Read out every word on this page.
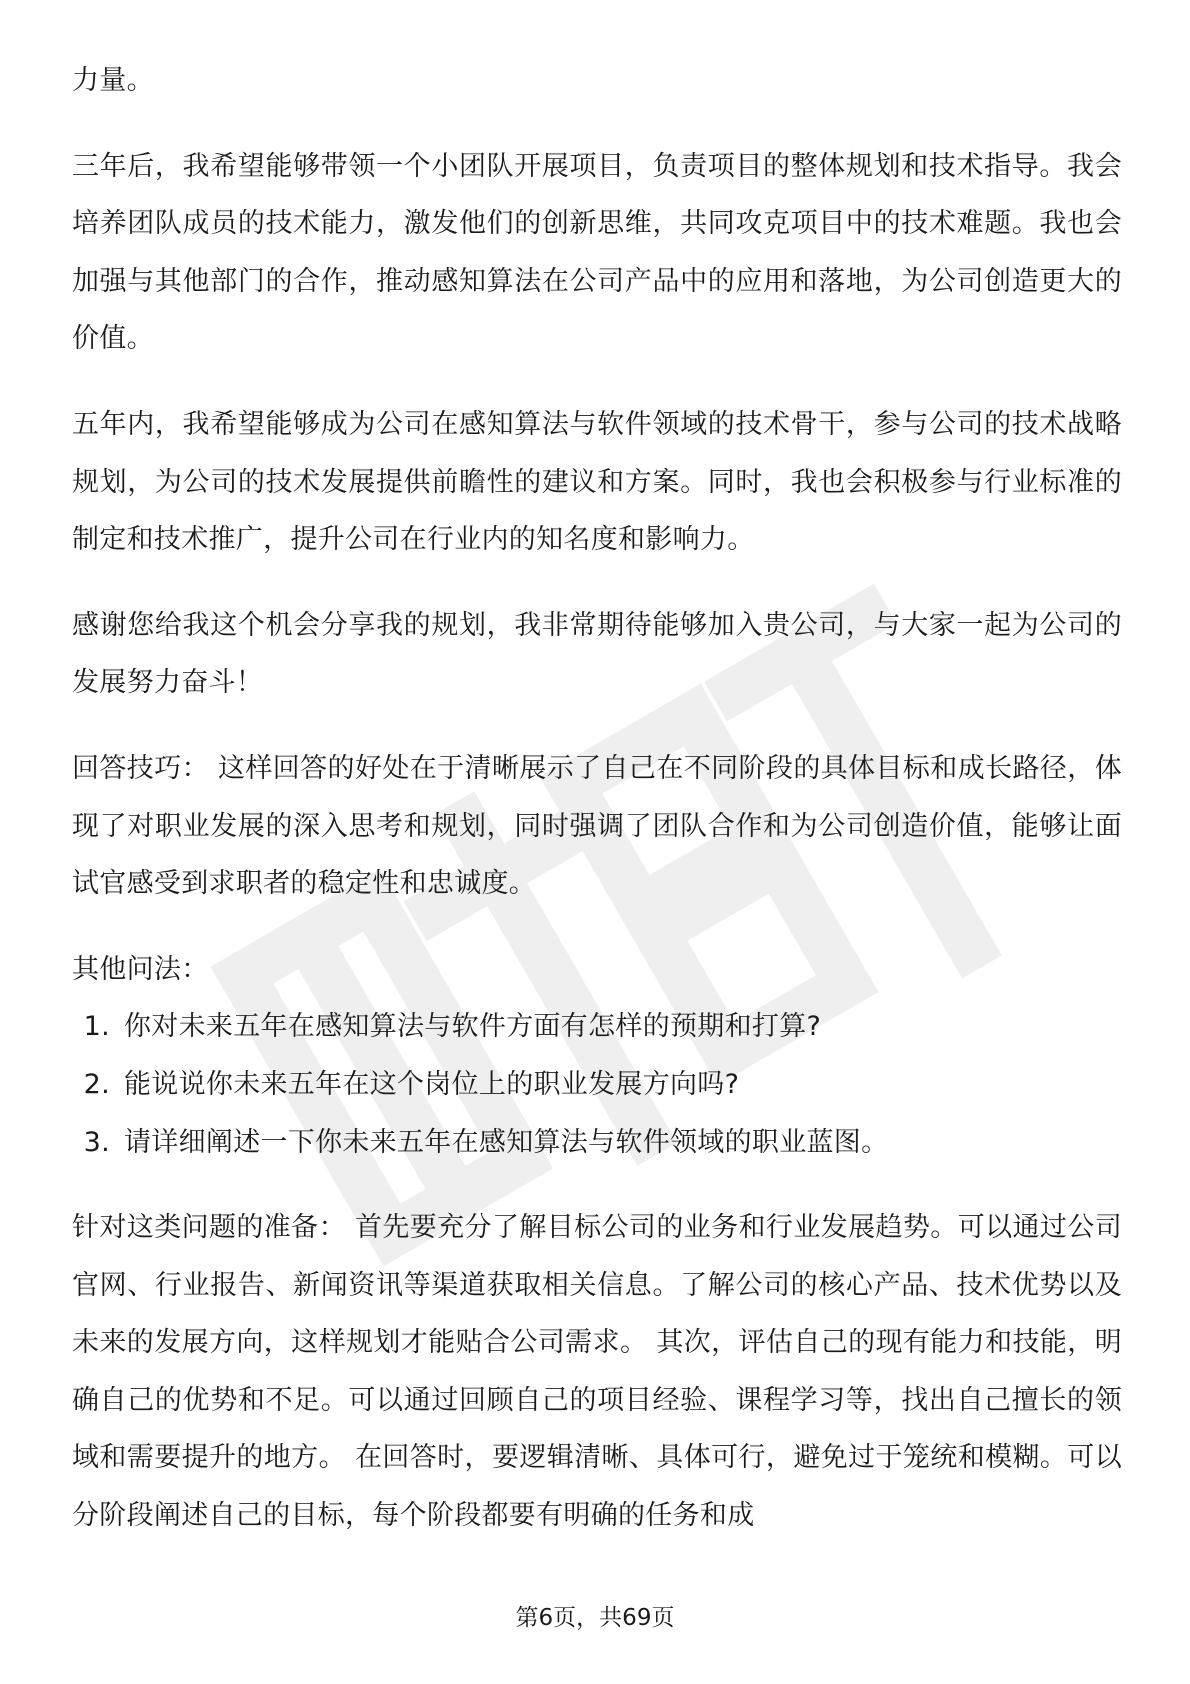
力量。

三年后，我希望能够带领一个小团队开展项目，负责项目的整体规划和技术指导。我会培养团队成员的技术能力，激发他们的创新思维，共同攻克项目中的技术难题。我也会加强与其他部门的合作，推动感知算法在公司产品中的应用和落地，为公司创造更大的价值。

五年内，我希望能够成为公司在感知算法与软件领域的技术骨干，参与公司的技术战略规划，为公司的技术发展提供前瞻性的建议和方案。同时，我也会积极参与行业标准的制定和技术推广，提升公司在行业内的知名度和影响力。

感谢您给我这个机会分享我的规划，我非常期待能够加入贵公司，与大家一起为公司的发展努力奋斗！

回答技巧： 这样回答的好处在于清晰展示了自己在不同阶段的具体目标和成长路径，体现了对职业发展的深入思考和规划，同时强调了团队合作和为公司创造价值，能够让面试官感受到求职者的稳定性和忠诚度。

其他问法：

1. 你对未来五年在感知算法与软件方面有怎样的预期和打算?
2. 能说说你未来五年在这个岗位上的职业发展方向吗?
3. 请详细阐述一下你未来五年在感知算法与软件领域的职业蓝图。

针对这类问题的准备： 首先要充分了解目标公司的业务和行业发展趋势。可以通过公司官网、行业报告、新闻资讯等渠道获取相关信息。了解公司的核心产品、技术优势以及未来的发展方向，这样规划才能贴合公司需求。 其次，评估自己的现有能力和技能，明确自己的优势和不足。可以通过回顾自己的项目经验、课程学习等，找出自己擅长的领域和需要提升的地方。 在回答时，要逻辑清晰、具体可行，避免过于笼统和模糊。可以分阶段阐述自己的目标，每个阶段都要有明确的任务和成

第6页，共69页
